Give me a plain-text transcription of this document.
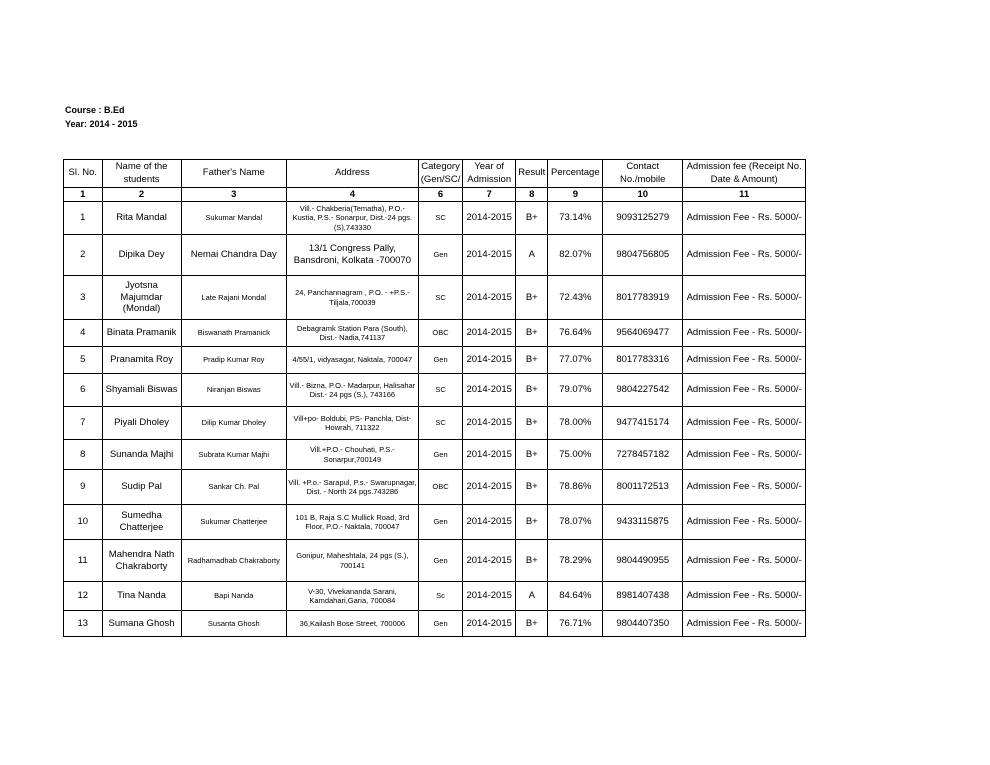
Course : B.Ed
Year: 2014 - 2015
Sl. No.	Name of the students	Father's Name	Address	Category (Gen/SC/	Year of Admission	Result	Percentage	Contact No./mobile	Admission fee (Receipt No. Date & Amount)
1	2	3	4	6	7	8	9	10	11
1	Rita Mandal	Sukumar Mandal	Vill.- Chakberia(Tematha), P.O.- Kustia, P.S.- Sonarpur, Dist.-24 pgs.(S),743330	SC	2014-2015	B+	73.14%	9093125279	Admission Fee - Rs. 5000/-
2	Dipika Dey	Nemai Chandra Day	13/1 Congress Pally, Bansdroni, Kolkata -700070	Gen	2014-2015	A	82.07%	9804756805	Admission Fee - Rs. 5000/-
3	Jyotsna Majumdar (Mondal)	Late Rajani Mondal	24, Panchannagram , P.O. - +P.S.- Tiljala,700039	SC	2014-2015	B+	72.43%	8017783919	Admission Fee - Rs. 5000/-
4	Binata Pramanik	Biswanath Pramanick	Debagramk Station Para (South), Dist.- Nadia,741137	OBC	2014-2015	B+	76.64%	9564069477	Admission Fee - Rs. 5000/-
5	Pranamita Roy	Pradip Kumar Roy	4/55/1, vidyasagar, Naktala, 700047	Gen	2014-2015	B+	77.07%	8017783316	Admission Fee - Rs. 5000/-
6	Shyamali Biswas	Niranjan Biswas	Vill.- Bizna, P.O.- Madarpur, Halisahar Dist.- 24 pgs (S.), 743166	SC	2014-2015	B+	79.07%	9804227542	Admission Fee - Rs. 5000/-
7	Piyali Dholey	Dilip Kumar Dholey	Vill+po- Boldubi, PS- Panchla, Dist- Howrah, 711322	SC	2014-2015	B+	78.00%	9477415174	Admission Fee - Rs. 5000/-
8	Sunanda Majhi	Subrata Kumar Majhi	Vill.+P.O.- Chouhati, P.S.- Sonarpur,700149	Gen	2014-2015	B+	75.00%	7278457182	Admission Fee - Rs. 5000/-
9	Sudip Pal	Sankar Ch. Pal	Vill. +P.o.- Sarapul, P.s.- Swarupnagar, Dist. - North 24 pgs.743286	OBC	2014-2015	B+	78.86%	8001172513	Admission Fee - Rs. 5000/-
10	Sumedha Chatterjee	Sukumar Chatterjee	101 B, Raja S.C Mullick Road, 3rd Floor, P.O.- Naktala, 700047	Gen	2014-2015	B+	78.07%	9433115875	Admission Fee - Rs. 5000/-
11	Mahendra Nath Chakraborty	Radhamadhab Chakraborty	Gonipur, Maheshtala, 24 pgs (S.), 700141	Gen	2014-2015	B+	78.29%	9804490955	Admission Fee - Rs. 5000/-
12	Tina Nanda	Bapi Nanda	V-30, Vivekananda Sarani, Kamdahari,Garia, 700084	Sc	2014-2015	A	84.64%	8981407438	Admission Fee - Rs. 5000/-
13	Sumana Ghosh	Susanta Ghosh	36,Kailash Bose Street, 700006	Gen	2014-2015	B+	76.71%	9804407350	Admission Fee - Rs. 5000/-
